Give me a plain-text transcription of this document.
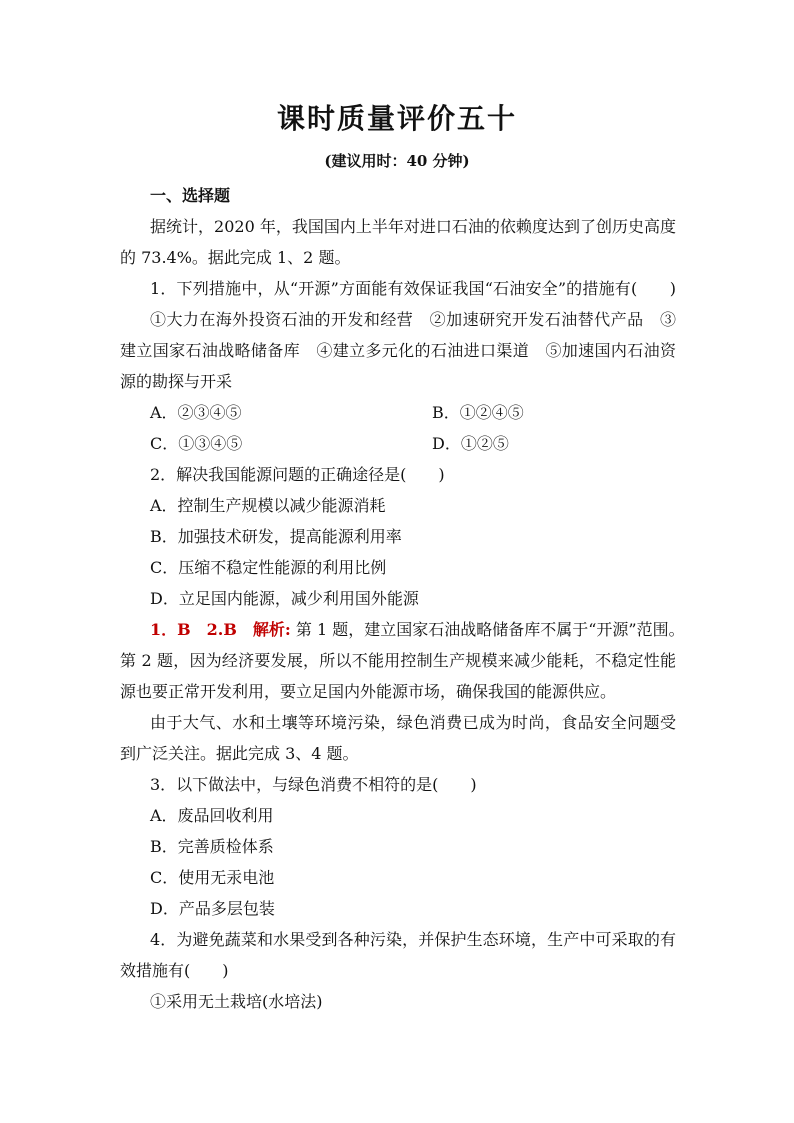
课时质量评价五十
(建议用时：40 分钟)
一、选择题
据统计，2020 年，我国国内上半年对进口石油的依赖度达到了创历史高度
的 73.4%。据此完成 1、2 题。
1．下列措施中，从“开源”方面能有效保证我国“石油安全”的措施有(　　)
①大力在海外投资石油的开发和经营　②加速研究开发石油替代产品　③
建立国家石油战略储备库　④建立多元化的石油进口渠道　⑤加速国内石油资
源的勘探与开采
A．②③④⑤	B．①②④⑤
C．①③④⑤	D．①②⑤
2．解决我国能源问题的正确途径是(　　)
A．控制生产规模以减少能源消耗
B．加强技术研发，提高能源利用率
C．压缩不稳定性能源的利用比例
D．立足国内能源，减少利用国外能源
1．B　2.B　解析: 第 1 题，建立国家石油战略储备库不属于“开源”范围。
第 2 题，因为经济要发展，所以不能用控制生产规模来减少能耗，不稳定性能
源也要正常开发利用，要立足国内外能源市场，确保我国的能源供应。
由于大气、水和土壤等环境污染，绿色消费已成为时尚，食品安全问题受
到广泛关注。据此完成 3、4 题。
3．以下做法中，与绿色消费不相符的是(　　)
A．废品回收利用
B．完善质检体系
C．使用无汞电池
D．产品多层包装
4．为避免蔬菜和水果受到各种污染，并保护生态环境，生产中可采取的有
效措施有(　　)
①采用无土栽培(水培法)
